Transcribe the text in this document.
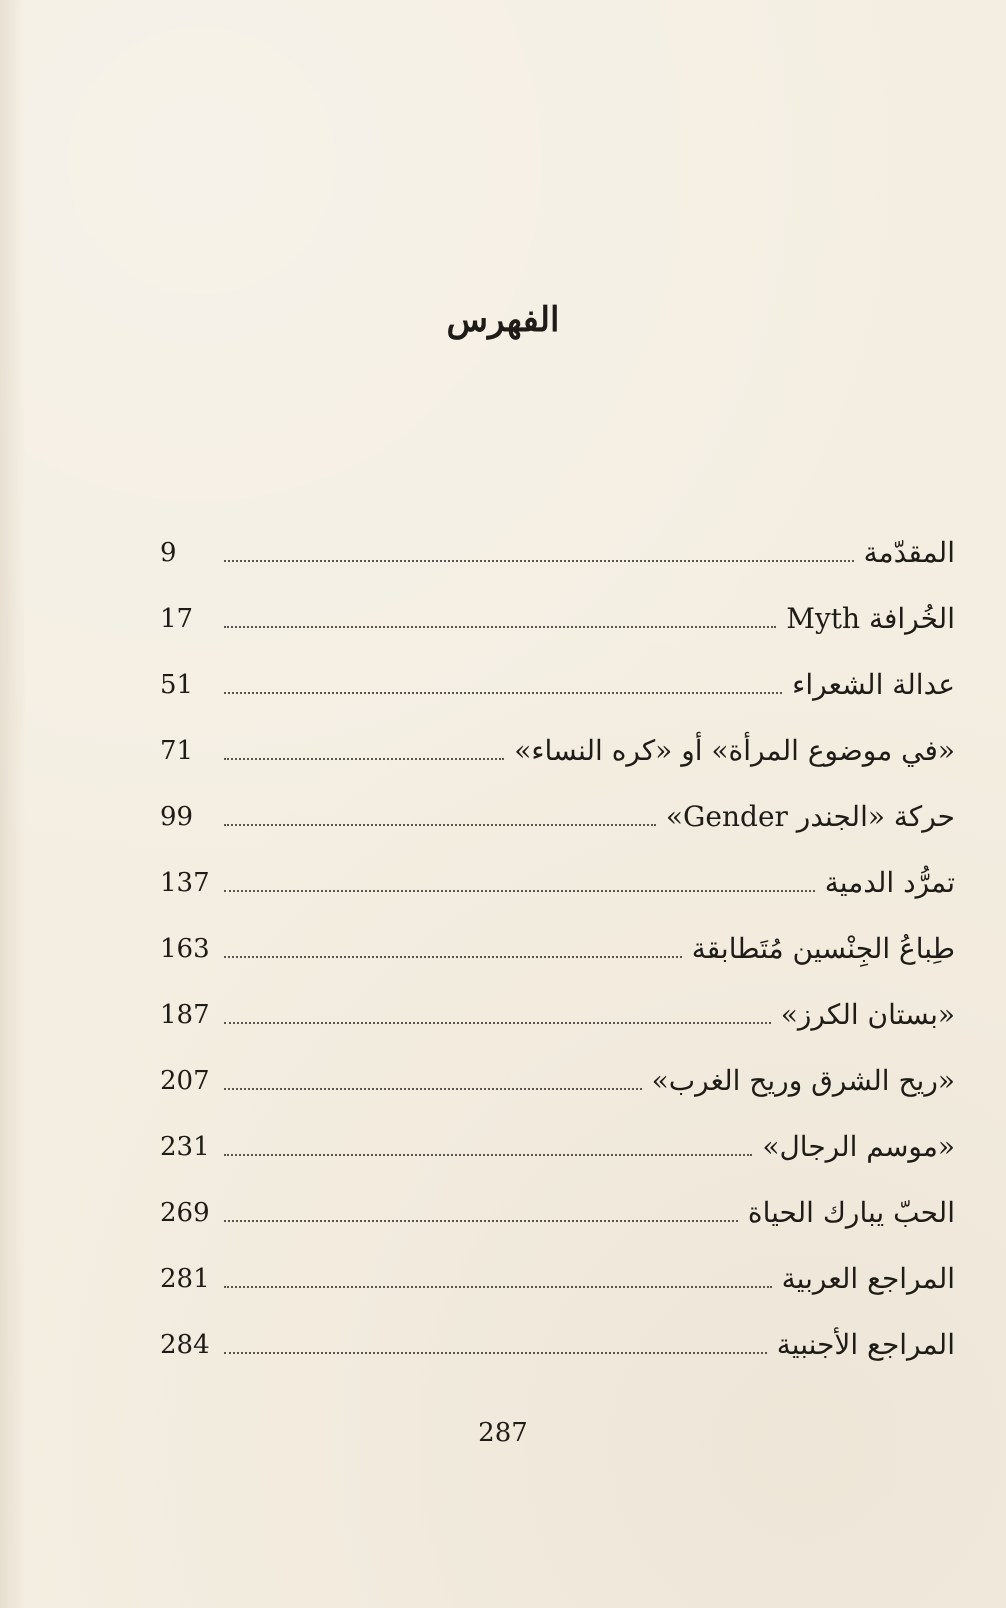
الفهرس
المقدّمة
9
الخُرافة Myth
17
عدالة الشعراء
51
«في موضوع المرأة» أو «كره النساء»
71
حركة «الجندر Gender»
99
تمرُّد الدمية
137
طِباعُ الجِنْسين مُتَطابقة
163
«بستان الكرز»
187
«ريح الشرق وريح الغرب»
207
«موسم الرجال»
231
الحبّ يبارك الحياة
269
المراجع العربية
281
المراجع الأجنبية
284
287
